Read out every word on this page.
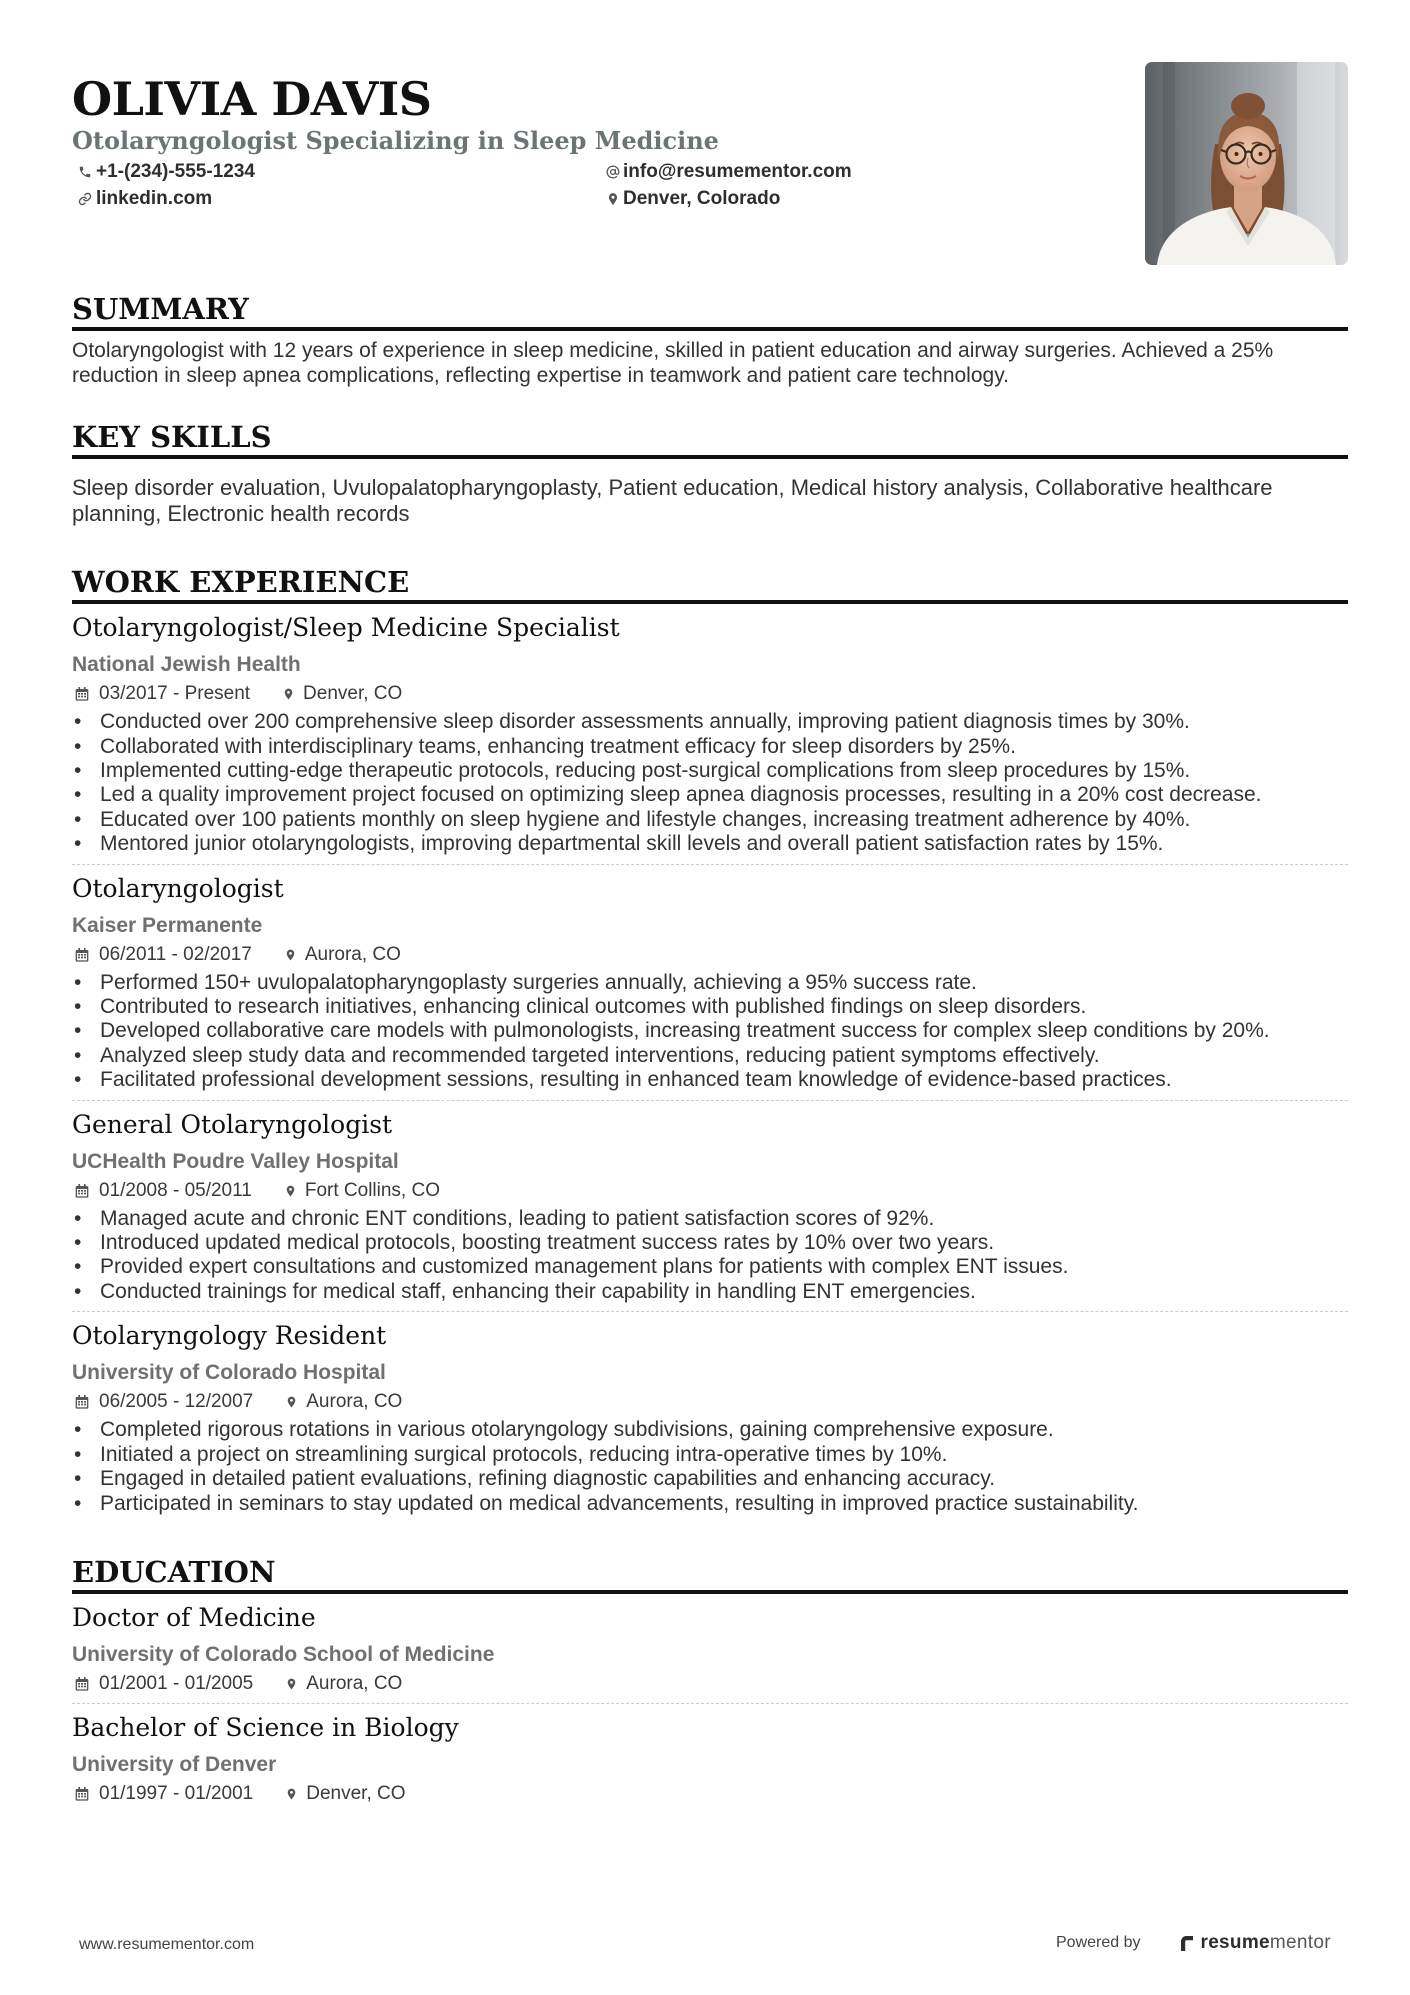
OLIVIA DAVIS
Otolaryngologist Specializing in Sleep Medicine
+1-(234)-555-1234	info@resumementor.com
linkedin.com	Denver, Colorado
SUMMARY

Otolaryngologist with 12 years of experience in sleep medicine, skilled in patient education and airway surgeries. Achieved a 25% reduction in sleep apnea complications, reflecting expertise in teamwork and patient care technology.

KEY SKILLS

Sleep disorder evaluation, Uvulopalatopharyngoplasty, Patient education, Medical history analysis, Collaborative healthcare planning, Electronic health records

WORK EXPERIENCE
Otolaryngologist/Sleep Medicine Specialist
National Jewish Health
03/2017 - Present	Denver, CO
• Conducted over 200 comprehensive sleep disorder assessments annually, improving patient diagnosis times by 30%.
• Collaborated with interdisciplinary teams, enhancing treatment efficacy for sleep disorders by 25%.
• Implemented cutting-edge therapeutic protocols, reducing post-surgical complications from sleep procedures by 15%.
• Led a quality improvement project focused on optimizing sleep apnea diagnosis processes, resulting in a 20% cost decrease.
• Educated over 100 patients monthly on sleep hygiene and lifestyle changes, increasing treatment adherence by 40%.
• Mentored junior otolaryngologists, improving departmental skill levels and overall patient satisfaction rates by 15%.
Otolaryngologist
Kaiser Permanente
06/2011 - 02/2017	Aurora, CO
• Performed 150+ uvulopalatopharyngoplasty surgeries annually, achieving a 95% success rate.
• Contributed to research initiatives, enhancing clinical outcomes with published findings on sleep disorders.
• Developed collaborative care models with pulmonologists, increasing treatment success for complex sleep conditions by 20%.
• Analyzed sleep study data and recommended targeted interventions, reducing patient symptoms effectively.
• Facilitated professional development sessions, resulting in enhanced team knowledge of evidence-based practices.
General Otolaryngologist
UCHealth Poudre Valley Hospital
01/2008 - 05/2011	Fort Collins, CO
• Managed acute and chronic ENT conditions, leading to patient satisfaction scores of 92%.
• Introduced updated medical protocols, boosting treatment success rates by 10% over two years.
• Provided expert consultations and customized management plans for patients with complex ENT issues.
• Conducted trainings for medical staff, enhancing their capability in handling ENT emergencies.
Otolaryngology Resident
University of Colorado Hospital
06/2005 - 12/2007	Aurora, CO
• Completed rigorous rotations in various otolaryngology subdivisions, gaining comprehensive exposure.
• Initiated a project on streamlining surgical protocols, reducing intra-operative times by 10%.
• Engaged in detailed patient evaluations, refining diagnostic capabilities and enhancing accuracy.
• Participated in seminars to stay updated on medical advancements, resulting in improved practice sustainability.
EDUCATION
Doctor of Medicine
University of Colorado School of Medicine
01/2001 - 01/2005	Aurora, CO
Bachelor of Science in Biology
University of Denver
01/1997 - 01/2001	Denver, CO
www.resumementor.com	Powered by	resume mentor
